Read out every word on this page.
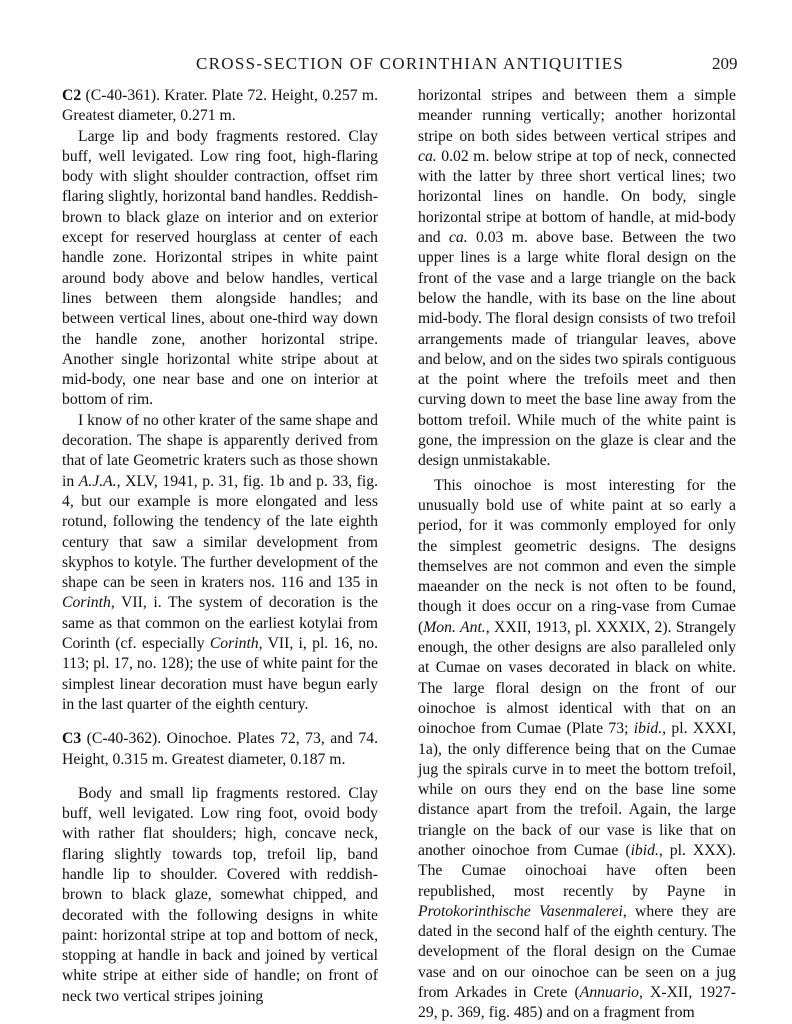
CROSS-SECTION OF CORINTHIAN ANTIQUITIES	209

C2 (C-40-361). Krater. Plate 72. Height, 0.257 m. Greatest diameter, 0.271 m.

Large lip and body fragments restored. Clay buff, well levigated. Low ring foot, high-flaring body with slight shoulder contraction, offset rim flaring slightly, horizontal band handles. Reddish-brown to black glaze on interior and on exterior except for reserved hourglass at center of each handle zone. Horizontal stripes in white paint around body above and below handles, vertical lines between them alongside handles; and between vertical lines, about one-third way down the handle zone, another horizontal stripe. Another single horizontal white stripe about at mid-body, one near base and one on interior at bottom of rim.

I know of no other krater of the same shape and decoration. The shape is apparently derived from that of late Geometric kraters such as those shown in A.J.A., XLV, 1941, p. 31, fig. 1b and p. 33, fig. 4, but our example is more elongated and less rotund, following the tendency of the late eighth century that saw a similar development from skyphos to kotyle. The further development of the shape can be seen in kraters nos. 116 and 135 in Corinth, VII, i. The system of decoration is the same as that common on the earliest kotylai from Corinth (cf. especially Corinth, VII, i, pl. 16, no. 113; pl. 17, no. 128); the use of white paint for the simplest linear decoration must have begun early in the last quarter of the eighth century.

C3 (C-40-362). Oinochoe. Plates 72, 73, and 74. Height, 0.315 m. Greatest diameter, 0.187 m.

Body and small lip fragments restored. Clay buff, well levigated. Low ring foot, ovoid body with rather flat shoulders; high, concave neck, flaring slightly towards top, trefoil lip, band handle lip to shoulder. Covered with reddish-brown to black glaze, somewhat chipped, and decorated with the following designs in white paint: horizontal stripe at top and bottom of neck, stopping at handle in back and joined by vertical white stripe at either side of handle; on front of neck two vertical stripes joining

horizontal stripes and between them a simple meander running vertically; another horizontal stripe on both sides between vertical stripes and ca. 0.02 m. below stripe at top of neck, connected with the latter by three short vertical lines; two horizontal lines on handle. On body, single horizontal stripe at bottom of handle, at mid-body and ca. 0.03 m. above base. Between the two upper lines is a large white floral design on the front of the vase and a large triangle on the back below the handle, with its base on the line about mid-body. The floral design consists of two trefoil arrangements made of triangular leaves, above and below, and on the sides two spirals contiguous at the point where the trefoils meet and then curving down to meet the base line away from the bottom trefoil. While much of the white paint is gone, the impression on the glaze is clear and the design unmistakable.

This oinochoe is most interesting for the unusually bold use of white paint at so early a period, for it was commonly employed for only the simplest geometric designs. The designs themselves are not common and even the simple maeander on the neck is not often to be found, though it does occur on a ring-vase from Cumae (Mon. Ant., XXII, 1913, pl. XXXIX, 2). Strangely enough, the other designs are also paralleled only at Cumae on vases decorated in black on white. The large floral design on the front of our oinochoe is almost identical with that on an oinochoe from Cumae (Plate 73; ibid., pl. XXXI, 1a), the only difference being that on the Cumae jug the spirals curve in to meet the bottom trefoil, while on ours they end on the base line some distance apart from the trefoil. Again, the large triangle on the back of our vase is like that on another oinochoe from Cumae (ibid., pl. XXX). The Cumae oinochoai have often been republished, most recently by Payne in Protokorinthische Vasenmalerei, where they are dated in the second half of the eighth century. The development of the floral design on the Cumae vase and on our oinochoe can be seen on a jug from Arkades in Crete (Annuario, X-XII, 1927-29, p. 369, fig. 485) and on a fragment from
